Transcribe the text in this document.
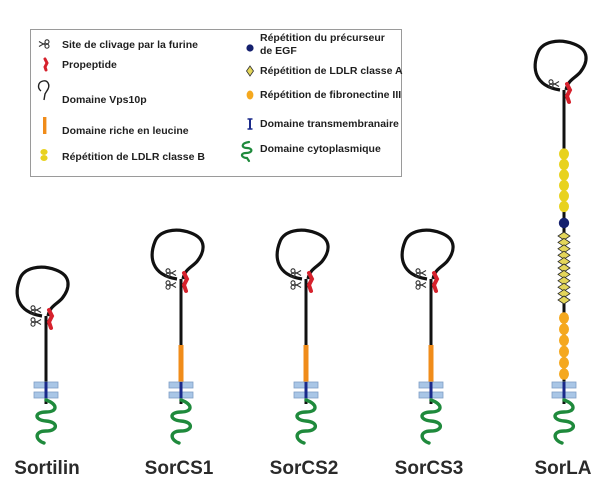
Site de clivage par la furine
Propeptide
Domaine Vps10p
Domaine riche en leucine
Répétition de LDLR classe B
Répétition du précurseur
de EGF
Répétition de LDLR classe A
Répétition de fibronectine III
Domaine transmembranaire
Domaine cytoplasmique
Sortilin	SorCS1	SorCS2	SorCS3	SorLA
